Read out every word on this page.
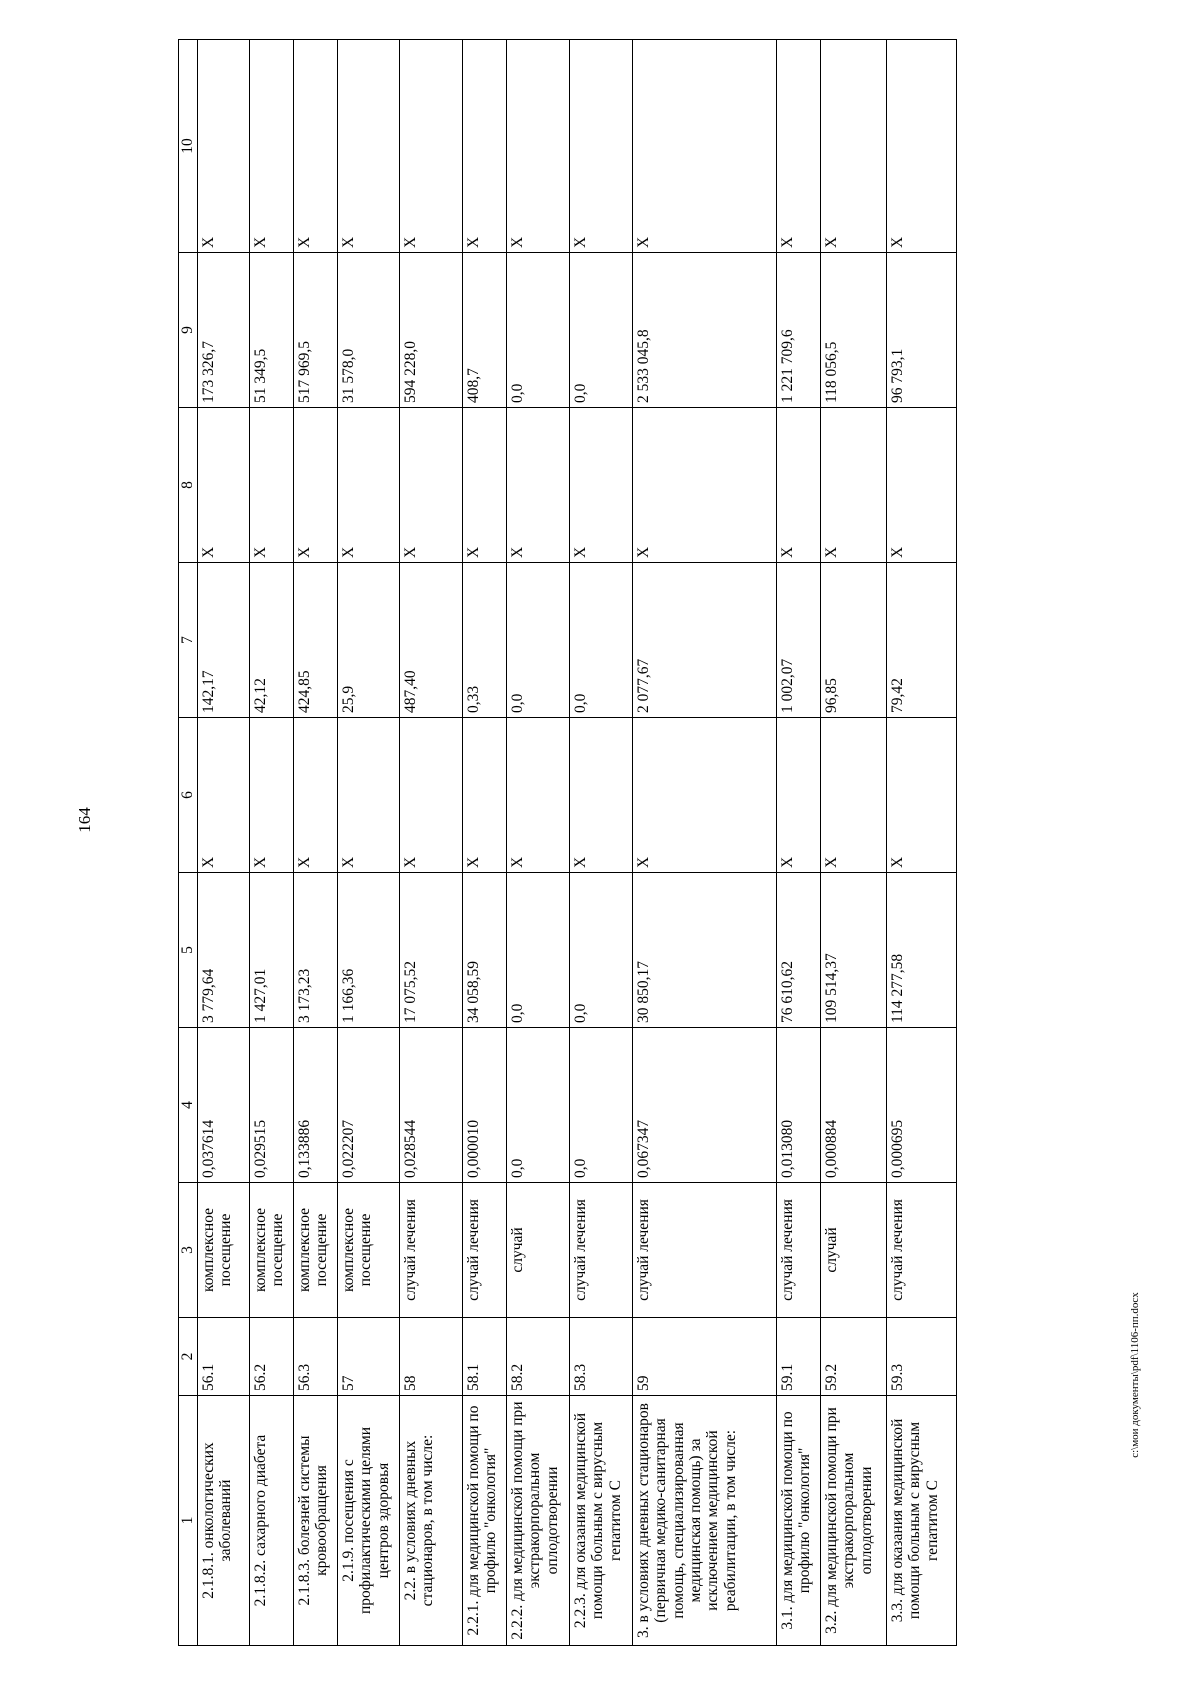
164
1	2	3	4	5	6	7	8	9	10
2.1.8.1. онкологических заболеваний	56.1	комплексное посещение	0,037614	3 779,64	Х	142,17	Х	173 326,7	Х
2.1.8.2. сахарного диабета	56.2	комплексное посещение	0,029515	1 427,01	Х	42,12	Х	51 349,5	Х
2.1.8.3. болезней системы кровообращения	56.3	комплексное посещение	0,133886	3 173,23	Х	424,85	Х	517 969,5	Х
2.1.9. посещения с профилактическими целями центров здоровья	57	комплексное посещение	0,022207	1 166,36	Х	25,9	Х	31 578,0	Х
2.2. в условиях дневных стационаров, в том числе:	58	случай лечения	0,028544	17 075,52	Х	487,40	Х	594 228,0	Х
2.2.1. для медицинской помощи по профилю "онкология"	58.1	случай лечения	0,000010	34 058,59	Х	0,33	Х	408,7	Х
2.2.2. для медицинской помощи при экстракорпоральном оплодотворении	58.2	случай	0,0	0,0	Х	0,0	Х	0,0	Х
2.2.3. для оказания медицинской помощи больным с вирусным гепатитом С	58.3	случай лечения	0,0	0,0	Х	0,0	Х	0,0	Х
3. в условиях дневных стационаров (первичная медико-санитарная помощь, специализированная медицинская помощь) за исключением медицинской реабилитации, в том числе:	59	случай лечения	0,067347	30 850,17	Х	2 077,67	Х	2 533 045,8	Х
3.1. для медицинской помощи по профилю "онкология"	59.1	случай лечения	0,013080	76 610,62	Х	1 002,07	Х	1 221 709,6	Х
3.2. для медицинской помощи при экстракорпоральном оплодотворении	59.2	случай	0,000884	109 514,37	Х	96,85	Х	118 056,5	Х
3.3. для оказания медицинской помощи больным с вирусным гепатитом С	59.3	случай лечения	0,000695	114 277,58	Х	79,42	Х	96 793,1	Х
c:\мои документы\pdf\1106-пп.docx
